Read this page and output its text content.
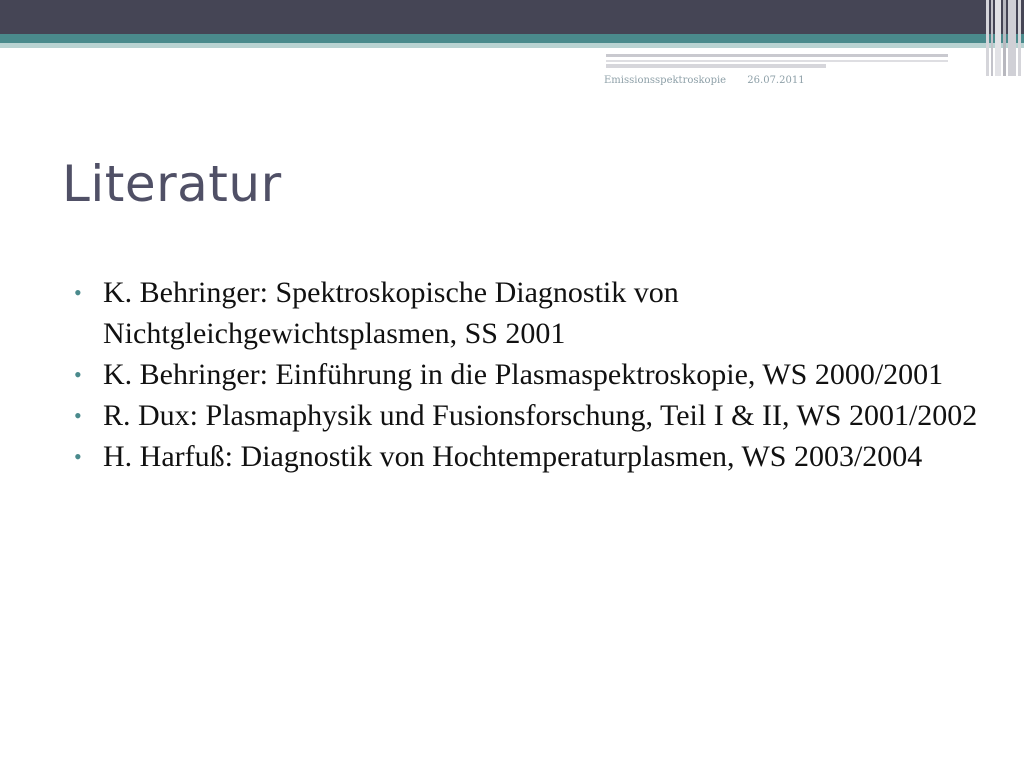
Emissionsspektroskopie 26.07.2011
Literatur
• K. Behringer: Spektroskopische Diagnostik von Nichtgleichgewichtsplasmen, SS 2001
• K. Behringer: Einführung in die Plasmaspektroskopie, WS 2000/2001
• R. Dux: Plasmaphysik und Fusionsforschung, Teil I & II, WS 2001/2002
• H. Harfuß: Diagnostik von Hochtemperaturplasmen, WS 2003/2004
